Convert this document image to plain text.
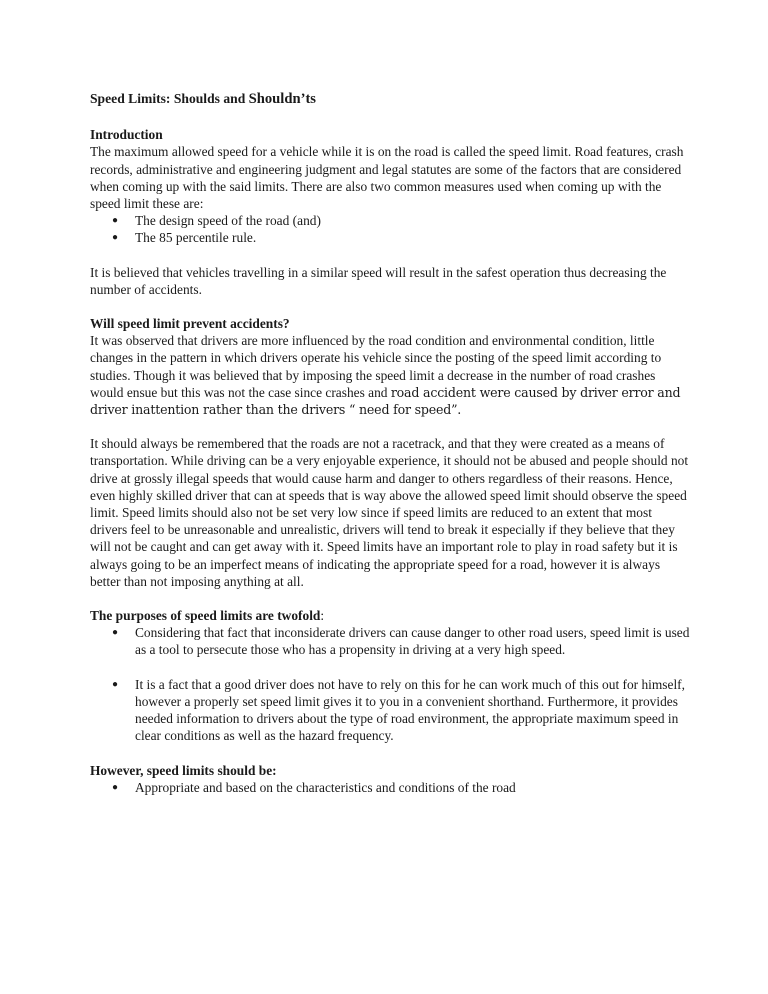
Speed Limits: Shoulds and Shouldn’ts

Introduction

The maximum allowed speed for a vehicle while it is on the road is called the speed limit. Road features, crash records, administrative and engineering judgment and legal statutes are some of the factors that are considered when coming up with the said limits. There are also two common measures used when coming up with the speed limit these are:

● The design speed of the road (and)
● The 85 percentile rule.

It is believed that vehicles travelling in a similar speed will result in the safest operation thus decreasing the number of accidents.

Will speed limit prevent accidents?

It was observed that drivers are more influenced by the road condition and environmental condition, little changes in the pattern in which drivers operate his vehicle since the posting of the speed limit according to studies. Though it was believed that by imposing the speed limit a decrease in the number of road crashes would ensue but this was not the case since crashes and road accident were caused by driver error and driver inattention rather than the drivers “ need for speed”.

It should always be remembered that the roads are not a racetrack, and that they were created as a means of transportation. While driving can be a very enjoyable experience, it should not be abused and people should not drive at grossly illegal speeds that would cause harm and danger to others regardless of their reasons. Hence, even highly skilled driver that can at speeds that is way above the allowed speed limit should observe the speed limit. Speed limits should also not be set very low since if speed limits are reduced to an extent that most drivers feel to be unreasonable and unrealistic, drivers will tend to break it especially if they believe that they will not be caught and can get away with it. Speed limits have an important role to play in road safety but it is always going to be an imperfect means of indicating the appropriate speed for a road, however it is always better than not imposing anything at all.

The purposes of speed limits are twofold:

● Considering that fact that inconsiderate drivers can cause danger to other road users, speed limit is used as a tool to persecute those who has a propensity in driving at a very high speed.
● It is a fact that a good driver does not have to rely on this for he can work much of this out for himself, however a properly set speed limit gives it to you in a convenient shorthand. Furthermore, it provides needed information to drivers about the type of road environment, the appropriate maximum speed in clear conditions as well as the hazard frequency.

However, speed limits should be:

● Appropriate and based on the characteristics and conditions of the road
